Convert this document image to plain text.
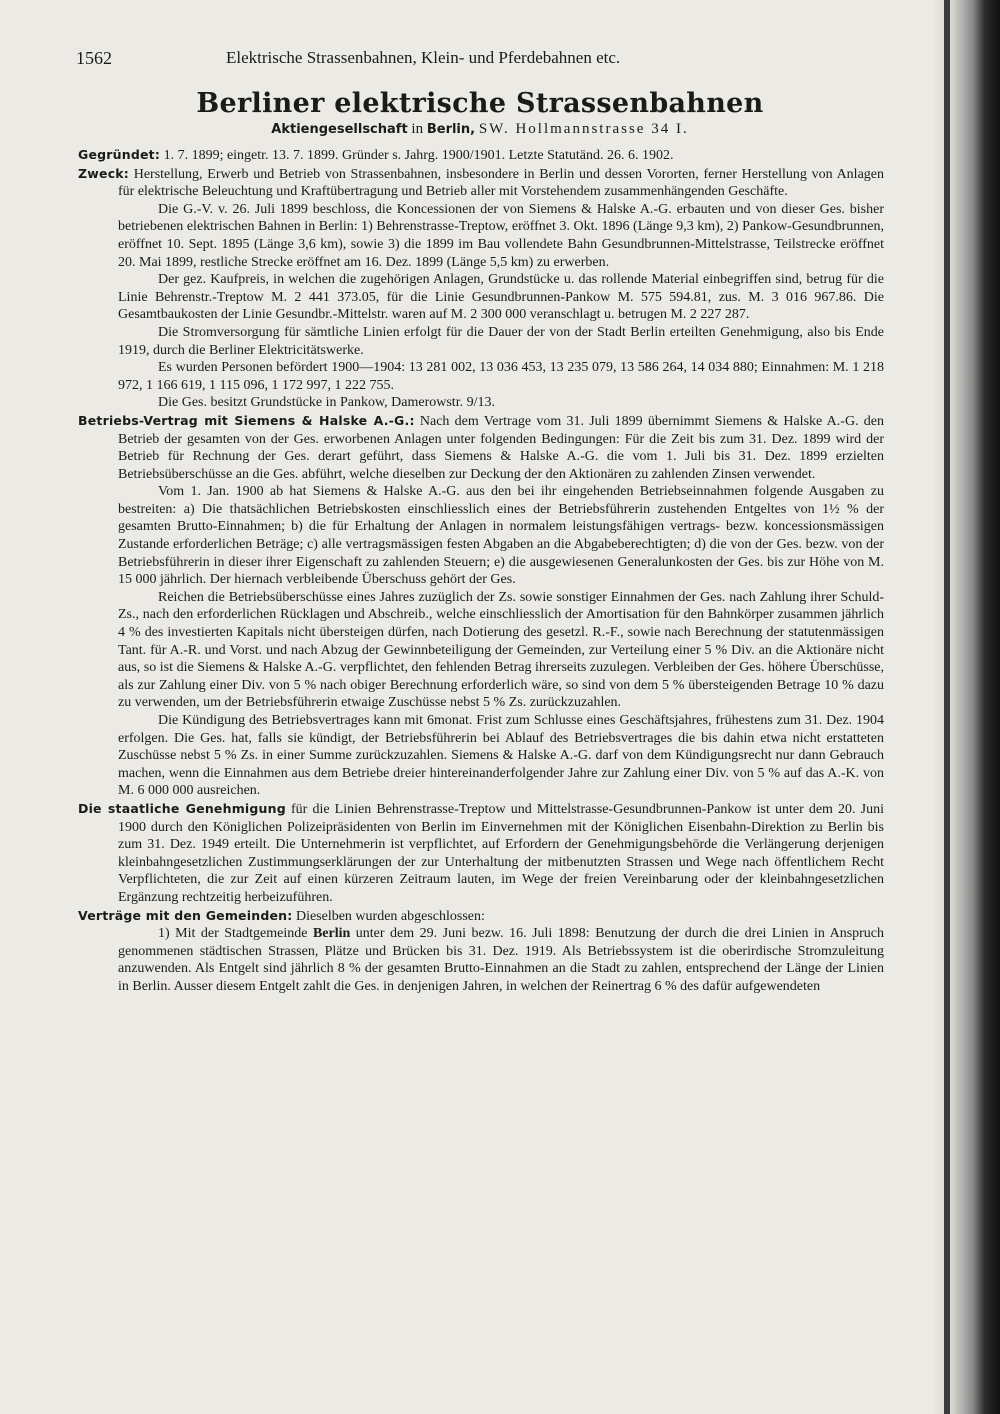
1562	Elektrische Strassenbahnen, Klein- und Pferdebahnen etc.
Berliner elektrische Strassenbahnen
Aktiengesellschaft in Berlin, SW. Hollmannstrasse 34 I.

Gegründet: 1. 7. 1899; eingetr. 13. 7. 1899. Gründer s. Jahrg. 1900/1901. Letzte Statutänd. 26. 6. 1902.

Zweck: Herstellung, Erwerb und Betrieb von Strassenbahnen, insbesondere in Berlin und dessen Vororten, ferner Herstellung von Anlagen für elektrische Beleuchtung und Kraftübertragung und Betrieb aller mit Vorstehendem zusammenhängenden Geschäfte.

Die G.-V. v. 26. Juli 1899 beschloss, die Koncessionen der von Siemens & Halske A.-G. erbauten und von dieser Ges. bisher betriebenen elektrischen Bahnen in Berlin: 1) Behrenstrasse-Treptow, eröffnet 3. Okt. 1896 (Länge 9,3 km), 2) Pankow-Gesundbrunnen, eröffnet 10. Sept. 1895 (Länge 3,6 km), sowie 3) die 1899 im Bau vollendete Bahn Gesundbrunnen-Mittelstrasse, Teilstrecke eröffnet 20. Mai 1899, restliche Strecke eröffnet am 16. Dez. 1899 (Länge 5,5 km) zu erwerben.

Der gez. Kaufpreis, in welchen die zugehörigen Anlagen, Grundstücke u. das rollende Material einbegriffen sind, betrug für die Linie Behrenstr.-Treptow M. 2 441 373.05, für die Linie Gesundbrunnen-Pankow M. 575 594.81, zus. M. 3 016 967.86. Die Gesamtbaukosten der Linie Gesundbr.-Mittelstr. waren auf M. 2 300 000 veranschlagt u. betrugen M. 2 227 287.

Die Stromversorgung für sämtliche Linien erfolgt für die Dauer der von der Stadt Berlin erteilten Genehmigung, also bis Ende 1919, durch die Berliner Elektricitätswerke.

Es wurden Personen befördert 1900—1904: 13 281 002, 13 036 453, 13 235 079, 13 586 264, 14 034 880; Einnahmen: M. 1 218 972, 1 166 619, 1 115 096, 1 172 997, 1 222 755.

Die Ges. besitzt Grundstücke in Pankow, Damerowstr. 9/13.

Betriebs-Vertrag mit Siemens & Halske A.-G.: Nach dem Vertrage vom 31. Juli 1899 übernimmt Siemens & Halske A.-G. den Betrieb der gesamten von der Ges. erworbenen Anlagen unter folgenden Bedingungen: Für die Zeit bis zum 31. Dez. 1899 wird der Betrieb für Rechnung der Ges. derart geführt, dass Siemens & Halske A.-G. die vom 1. Juli bis 31. Dez. 1899 erzielten Betriebsüberschüsse an die Ges. abführt, welche dieselben zur Deckung der den Aktionären zu zahlenden Zinsen verwendet.

Vom 1. Jan. 1900 ab hat Siemens & Halske A.-G. aus den bei ihr eingehenden Betriebseinnahmen folgende Ausgaben zu bestreiten: a) Die thatsächlichen Betriebskosten einschliesslich eines der Betriebsführerin zustehenden Entgeltes von 1½ % der gesamten Brutto-Einnahmen; b) die für Erhaltung der Anlagen in normalem leistungsfähigen vertrags- bezw. koncessionsmässigen Zustande erforderlichen Beträge; c) alle vertragsmässigen festen Abgaben an die Abgabeberechtigten; d) die von der Ges. bezw. von der Betriebsführerin in dieser ihrer Eigenschaft zu zahlenden Steuern; e) die ausgewiesenen Generalunkosten der Ges. bis zur Höhe von M. 15 000 jährlich. Der hiernach verbleibende Überschuss gehört der Ges.

Reichen die Betriebsüberschüsse eines Jahres zuzüglich der Zs. sowie sonstiger Einnahmen der Ges. nach Zahlung ihrer Schuld-Zs., nach den erforderlichen Rücklagen und Abschreib., welche einschliesslich der Amortisation für den Bahnkörper zusammen jährlich 4 % des investierten Kapitals nicht übersteigen dürfen, nach Dotierung des gesetzl. R.-F., sowie nach Berechnung der statutenmässigen Tant. für A.-R. und Vorst. und nach Abzug der Gewinnbeteiligung der Gemeinden, zur Verteilung einer 5 % Div. an die Aktionäre nicht aus, so ist die Siemens & Halske A.-G. verpflichtet, den fehlenden Betrag ihrerseits zuzulegen. Verbleiben der Ges. höhere Überschüsse, als zur Zahlung einer Div. von 5 % nach obiger Berechnung erforderlich wäre, so sind von dem 5 % übersteigenden Betrage 10 % dazu zu verwenden, um der Betriebsführerin etwaige Zuschüsse nebst 5 % Zs. zurückzuzahlen.

Die Kündigung des Betriebsvertrages kann mit 6monat. Frist zum Schlusse eines Geschäftsjahres, frühestens zum 31. Dez. 1904 erfolgen. Die Ges. hat, falls sie kündigt, der Betriebsführerin bei Ablauf des Betriebsvertrages die bis dahin etwa nicht erstatteten Zuschüsse nebst 5 % Zs. in einer Summe zurückzuzahlen. Siemens & Halske A.-G. darf von dem Kündigungsrecht nur dann Gebrauch machen, wenn die Einnahmen aus dem Betriebe dreier hintereinanderfolgender Jahre zur Zahlung einer Div. von 5 % auf das A.-K. von M. 6 000 000 ausreichen.

Die staatliche Genehmigung für die Linien Behrenstrasse-Treptow und Mittelstrasse-Gesundbrunnen-Pankow ist unter dem 20. Juni 1900 durch den Königlichen Polizeipräsidenten von Berlin im Einvernehmen mit der Königlichen Eisenbahn-Direktion zu Berlin bis zum 31. Dez. 1949 erteilt. Die Unternehmerin ist verpflichtet, auf Erfordern der Genehmigungsbehörde die Verlängerung derjenigen kleinbahngesetzlichen Zustimmungserklärungen der zur Unterhaltung der mitbenutzten Strassen und Wege nach öffentlichem Recht Verpflichteten, die zur Zeit auf einen kürzeren Zeitraum lauten, im Wege der freien Vereinbarung oder der kleinbahngesetzlichen Ergänzung rechtzeitig herbeizuführen.

Verträge mit den Gemeinden: Dieselben wurden abgeschlossen:

1) Mit der Stadtgemeinde Berlin unter dem 29. Juni bezw. 16. Juli 1898: Benutzung der durch die drei Linien in Anspruch genommenen städtischen Strassen, Plätze und Brücken bis 31. Dez. 1919. Als Betriebssystem ist die oberirdische Stromzuleitung anzuwenden. Als Entgelt sind jährlich 8 % der gesamten Brutto-Einnahmen an die Stadt zu zahlen, entsprechend der Länge der Linien in Berlin. Ausser diesem Entgelt zahlt die Ges. in denjenigen Jahren, in welchen der Reinertrag 6 % des dafür aufgewendeten
